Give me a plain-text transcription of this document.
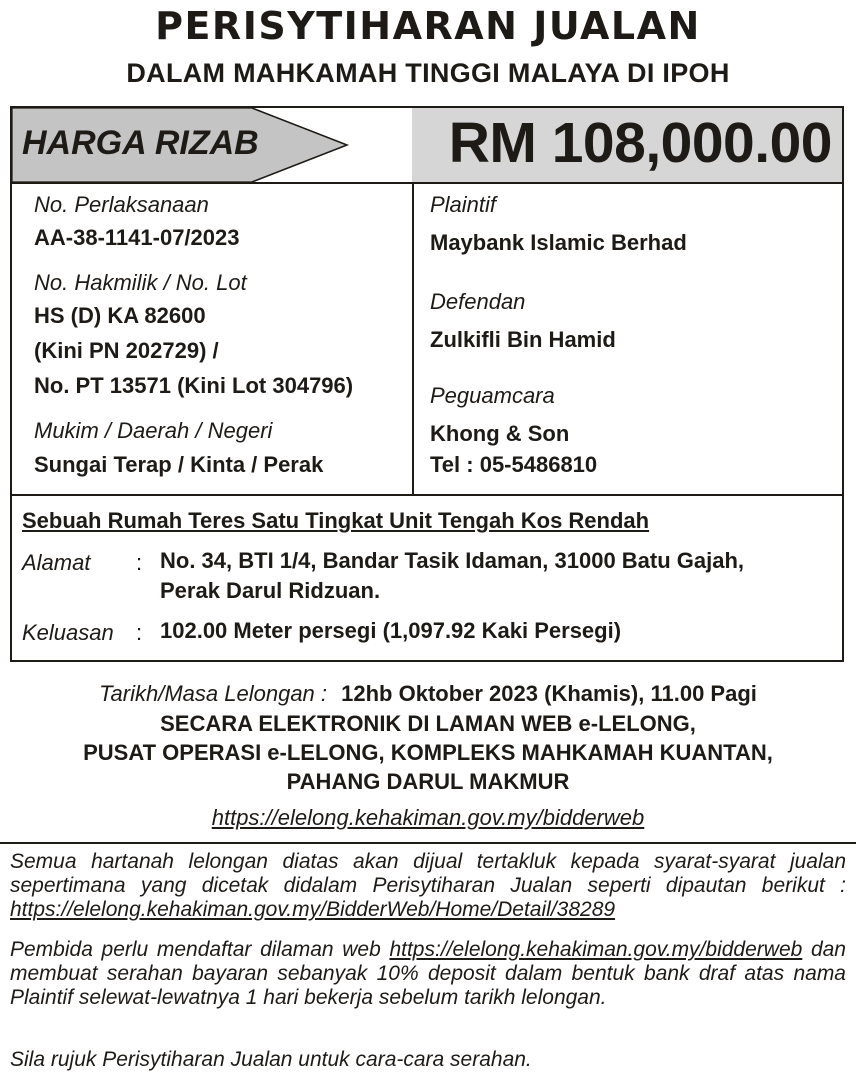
PERISYTIHARAN JUALAN
DALAM MAHKAMAH TINGGI MALAYA DI IPOH
HARGA RIZAB	RM 108,000.00
No. Perlaksanaan
AA-38-1141-07/2023
No. Hakmilik / No. Lot
HS (D) KA 82600
(Kini PN 202729) /
No. PT 13571 (Kini Lot 304796)
Mukim / Daerah / Negeri
Sungai Terap / Kinta / Perak
Plaintif
Maybank Islamic Berhad
Defendan
Zulkifli Bin Hamid
Peguamcara
Khong & Son
Tel : 05-5486810
Sebuah Rumah Teres Satu Tingkat Unit Tengah Kos Rendah
Alamat : No. 34, BTI 1/4, Bandar Tasik Idaman, 31000 Batu Gajah,
Perak Darul Ridzuan.
Keluasan : 102.00 Meter persegi (1,097.92 Kaki Persegi)
Tarikh/Masa Lelongan : 12hb Oktober 2023 (Khamis), 11.00 Pagi
SECARA ELEKTRONIK DI LAMAN WEB e-LELONG,
PUSAT OPERASI e-LELONG, KOMPLEKS MAHKAMAH KUANTAN,
PAHANG DARUL MAKMUR
https://elelong.kehakiman.gov.my/bidderweb
Semua hartanah lelongan diatas akan dijual tertakluk kepada syarat-syarat jualan sepertimana yang dicetak didalam Perisytiharan Jualan seperti dipautan berikut : https://elelong.kehakiman.gov.my/BidderWeb/Home/Detail/38289
Pembida perlu mendaftar dilaman web https://elelong.kehakiman.gov.my/bidderweb dan membuat serahan bayaran sebanyak 10% deposit dalam bentuk bank draf atas nama Plaintif selewat-lewatnya 1 hari bekerja sebelum tarikh lelongan.
Sila rujuk Perisytiharan Jualan untuk cara-cara serahan.
